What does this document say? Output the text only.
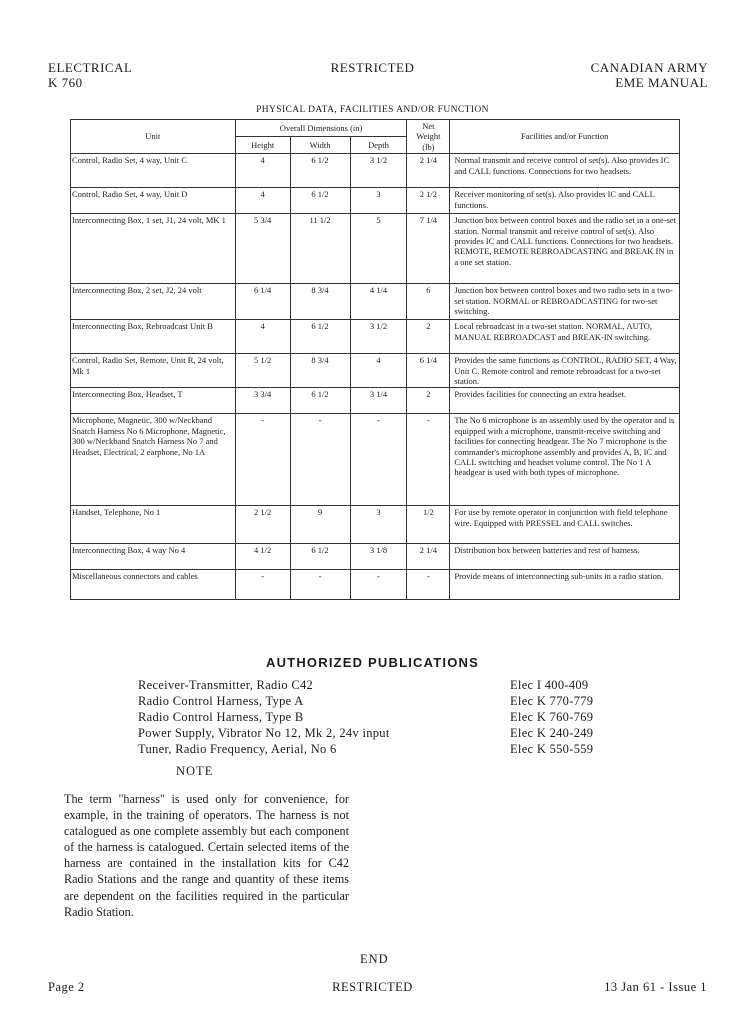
ELECTRICAL
K 760
RESTRICTED	CANADIAN ARMY
EME MANUAL
PHYSICAL DATA, FACILITIES AND/OR FUNCTION
Unit	Overall Dimensions (in)			Net Weight (lb)	Facilities and/or Function
	Height	Width	Depth		
Control, Radio Set, 4 way, Unit C	4	6 1/2	3 1/2	2 1/4	Normal transmit and receive control of set(s). Also provides IC and CALL functions. Connections for two headsets.
Control, Radio Set, 4 way, Unit D	4	6 1/2	3	2 1/2	Receiver monitoring of set(s). Also provides IC and CALL functions.
Interconnecting Box, 1 set, J1, 24 volt, MK 1	5 3/4	11 1/2	5	7 1/4	Junction box between control boxes and the radio set in a one-set station. Normal transmit and receive control of set(s). Also provides IC and CALL functions. Connections for two headsets. REMOTE, REMOTE REBROADCASTING and BREAK IN in a one set station.
Interconnecting Box, 2 set, J2, 24 volt	6 1/4	8 3/4	4 1/4	6	Junction box between control boxes and two radio sets in a two-set station. NORMAL or REBROADCASTING for two-set switching.
Interconnecting Box, Rebroadcast Unit B	4	6 1/2	3 1/2	2	Local rebroadcast in a two-set station. NORMAL, AUTO, MANUAL REBROADCAST and BREAK-IN switching.
Control, Radio Set, Remote, Unit R, 24 volt, Mk 1	5 1/2	8 3/4	4	6 1/4	Provides the same functions as CONTROL, RADIO SET, 4 Way, Unit C. Remote control and remote rebroadcast for a two-set station.
Interconnecting Box, Headset, T	3 3/4	6 1/2	3 1/4	2	Provides facilities for connecting an extra headset.
Microphone, Magnetic, 300 w/Neckband Snatch Harness No 6 Microphone, Magnetic, 300 w/Neckband Snatch Harness No 7 and Headset, Electrical, 2 earphone, No 1A	-	-	-	-	The No 6 microphone is an assembly used by the operator and is equipped with a microphone, transmit-receive switching and facilities for connecting headgear. The No 7 microphone is the commander's microphone assembly and provides A, B, IC and CALL switching and headset volume control. The No 1 A headgear is used with both types of microphone.
Handset, Telephone, No 1	2 1/2	9	3	1/2	For use by remote operator in conjunction with field telephone wire. Equipped with PRESSEL and CALL switches.
Interconnecting Box, 4 way No 4	4 1/2	6 1/2	3 1/8	2 1/4	Distribution box between batteries and rest of harness.
Miscellaneous connectors and cables	-	-	-	-	Provide means of interconnecting sub-units in a radio station.
AUTHORIZED PUBLICATIONS
Receiver-Transmitter, Radio C42	Elec I 400-409
Radio Control Harness, Type A	Elec K 770-779
Radio Control Harness, Type B	Elec K 760-769
Power Supply, Vibrator No 12, Mk 2, 24v input	Elec K 240-249
Tuner, Radio Frequency, Aerial, No 6	Elec K 550-559
NOTE
The term "harness" is used only for convenience, for example, in the training of operators. The harness is not catalogued as one complete assembly but each component of the harness is catalogued. Certain selected items of the harness are contained in the installation kits for C42 Radio Stations and the range and quantity of these items are dependent on the facilities required in the particular Radio Station.
END
Page 2	RESTRICTED	13 Jan 61 - Issue 1
